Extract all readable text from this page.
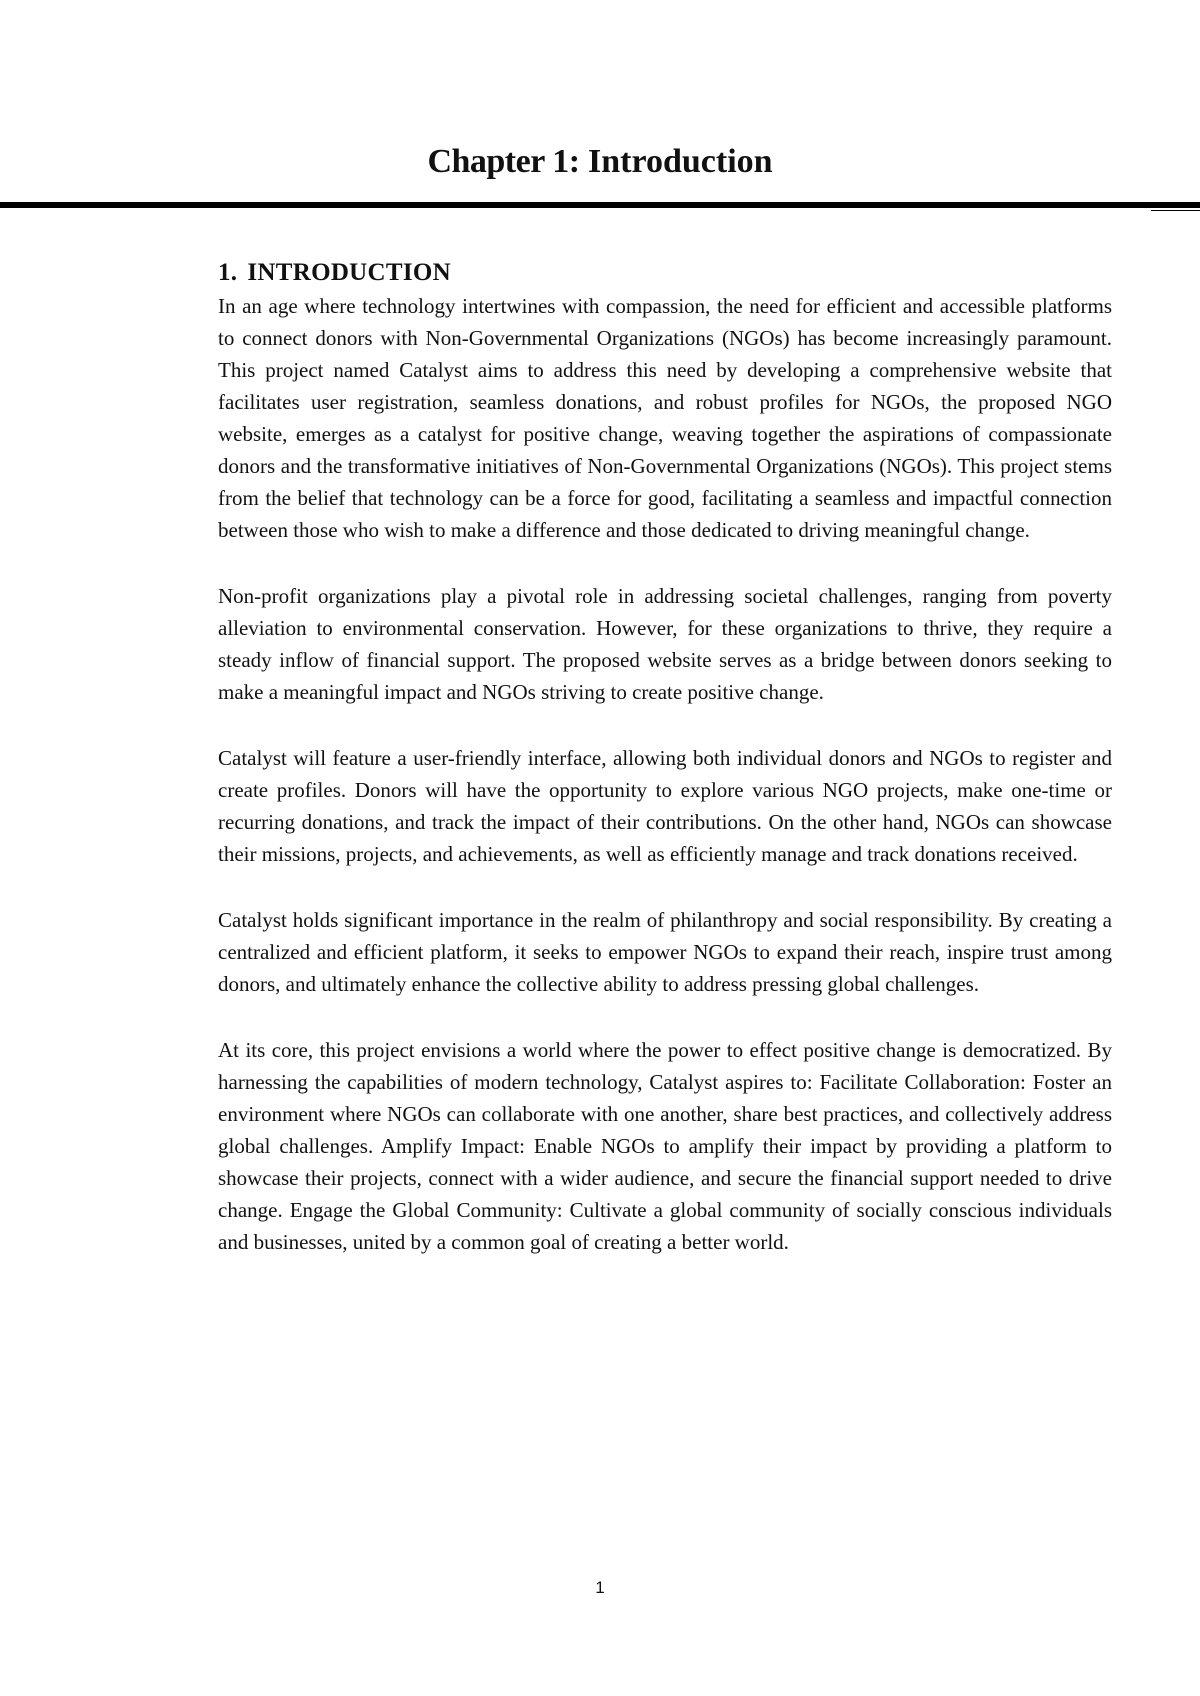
Chapter 1: Introduction
1. INTRODUCTION

In an age where technology intertwines with compassion, the need for efficient and accessible platforms to connect donors with Non-Governmental Organizations (NGOs) has become increasingly paramount. This project named Catalyst aims to address this need by developing a comprehensive website that facilitates user registration, seamless donations, and robust profiles for NGOs, the proposed NGO website, emerges as a catalyst for positive change, weaving together the aspirations of compassionate donors and the transformative initiatives of Non-Governmental Organizations (NGOs). This project stems from the belief that technology can be a force for good, facilitating a seamless and impactful connection between those who wish to make a difference and those dedicated to driving meaningful change.

Non-profit organizations play a pivotal role in addressing societal challenges, ranging from poverty alleviation to environmental conservation. However, for these organizations to thrive, they require a steady inflow of financial support. The proposed website serves as a bridge between donors seeking to make a meaningful impact and NGOs striving to create positive change.

Catalyst will feature a user-friendly interface, allowing both individual donors and NGOs to register and create profiles. Donors will have the opportunity to explore various NGO projects, make one-time or recurring donations, and track the impact of their contributions. On the other hand, NGOs can showcase their missions, projects, and achievements, as well as efficiently manage and track donations received.

Catalyst holds significant importance in the realm of philanthropy and social responsibility. By creating a centralized and efficient platform, it seeks to empower NGOs to expand their reach, inspire trust among donors, and ultimately enhance the collective ability to address pressing global challenges.

At its core, this project envisions a world where the power to effect positive change is democratized. By harnessing the capabilities of modern technology, Catalyst aspires to: Facilitate Collaboration: Foster an environment where NGOs can collaborate with one another, share best practices, and collectively address global challenges. Amplify Impact: Enable NGOs to amplify their impact by providing a platform to showcase their projects, connect with a wider audience, and secure the financial support needed to drive change. Engage the Global Community: Cultivate a global community of socially conscious individuals and businesses, united by a common goal of creating a better world.

1
